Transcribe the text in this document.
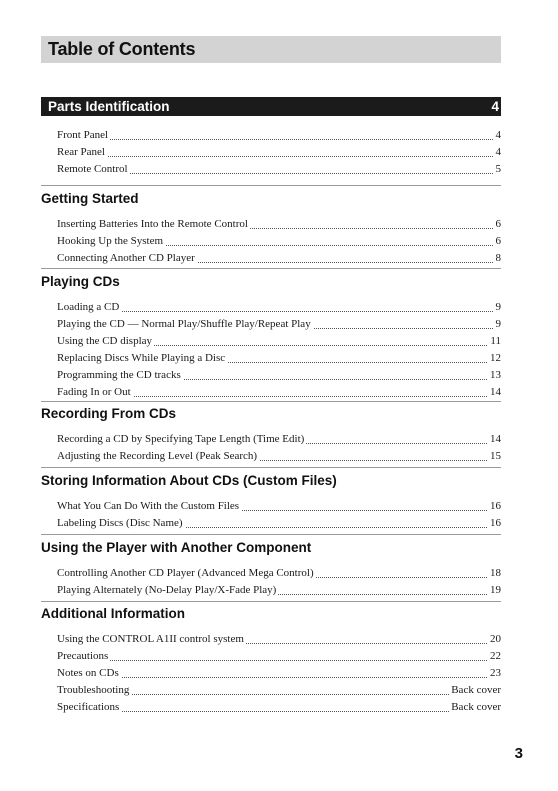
Table of Contents
Parts Identification	4
Front Panel	4
Rear Panel	4
Remote Control	5
Getting Started
Inserting Batteries Into the Remote Control	6
Hooking Up the System	6
Connecting Another CD Player	8
Playing CDs
Loading a CD	9
Playing the CD — Normal Play/Shuffle Play/Repeat Play	9
Using the CD display	11
Replacing Discs While Playing a Disc	12
Programming the CD tracks	13
Fading In or Out	14
Recording From CDs
Recording a CD by Specifying Tape Length (Time Edit)	14
Adjusting the Recording Level (Peak Search)	15
Storing Information About CDs (Custom Files)
What You Can Do With the Custom Files	16
Labeling Discs (Disc Name)	16
Using the Player with Another Component
Controlling Another CD Player (Advanced Mega Control)	18
Playing Alternately (No-Delay Play/X-Fade Play)	19
Additional Information
Using the CONTROL A1II control system	20
Precautions	22
Notes on CDs	23
Troubleshooting	Back cover
Specifications	Back cover
3
